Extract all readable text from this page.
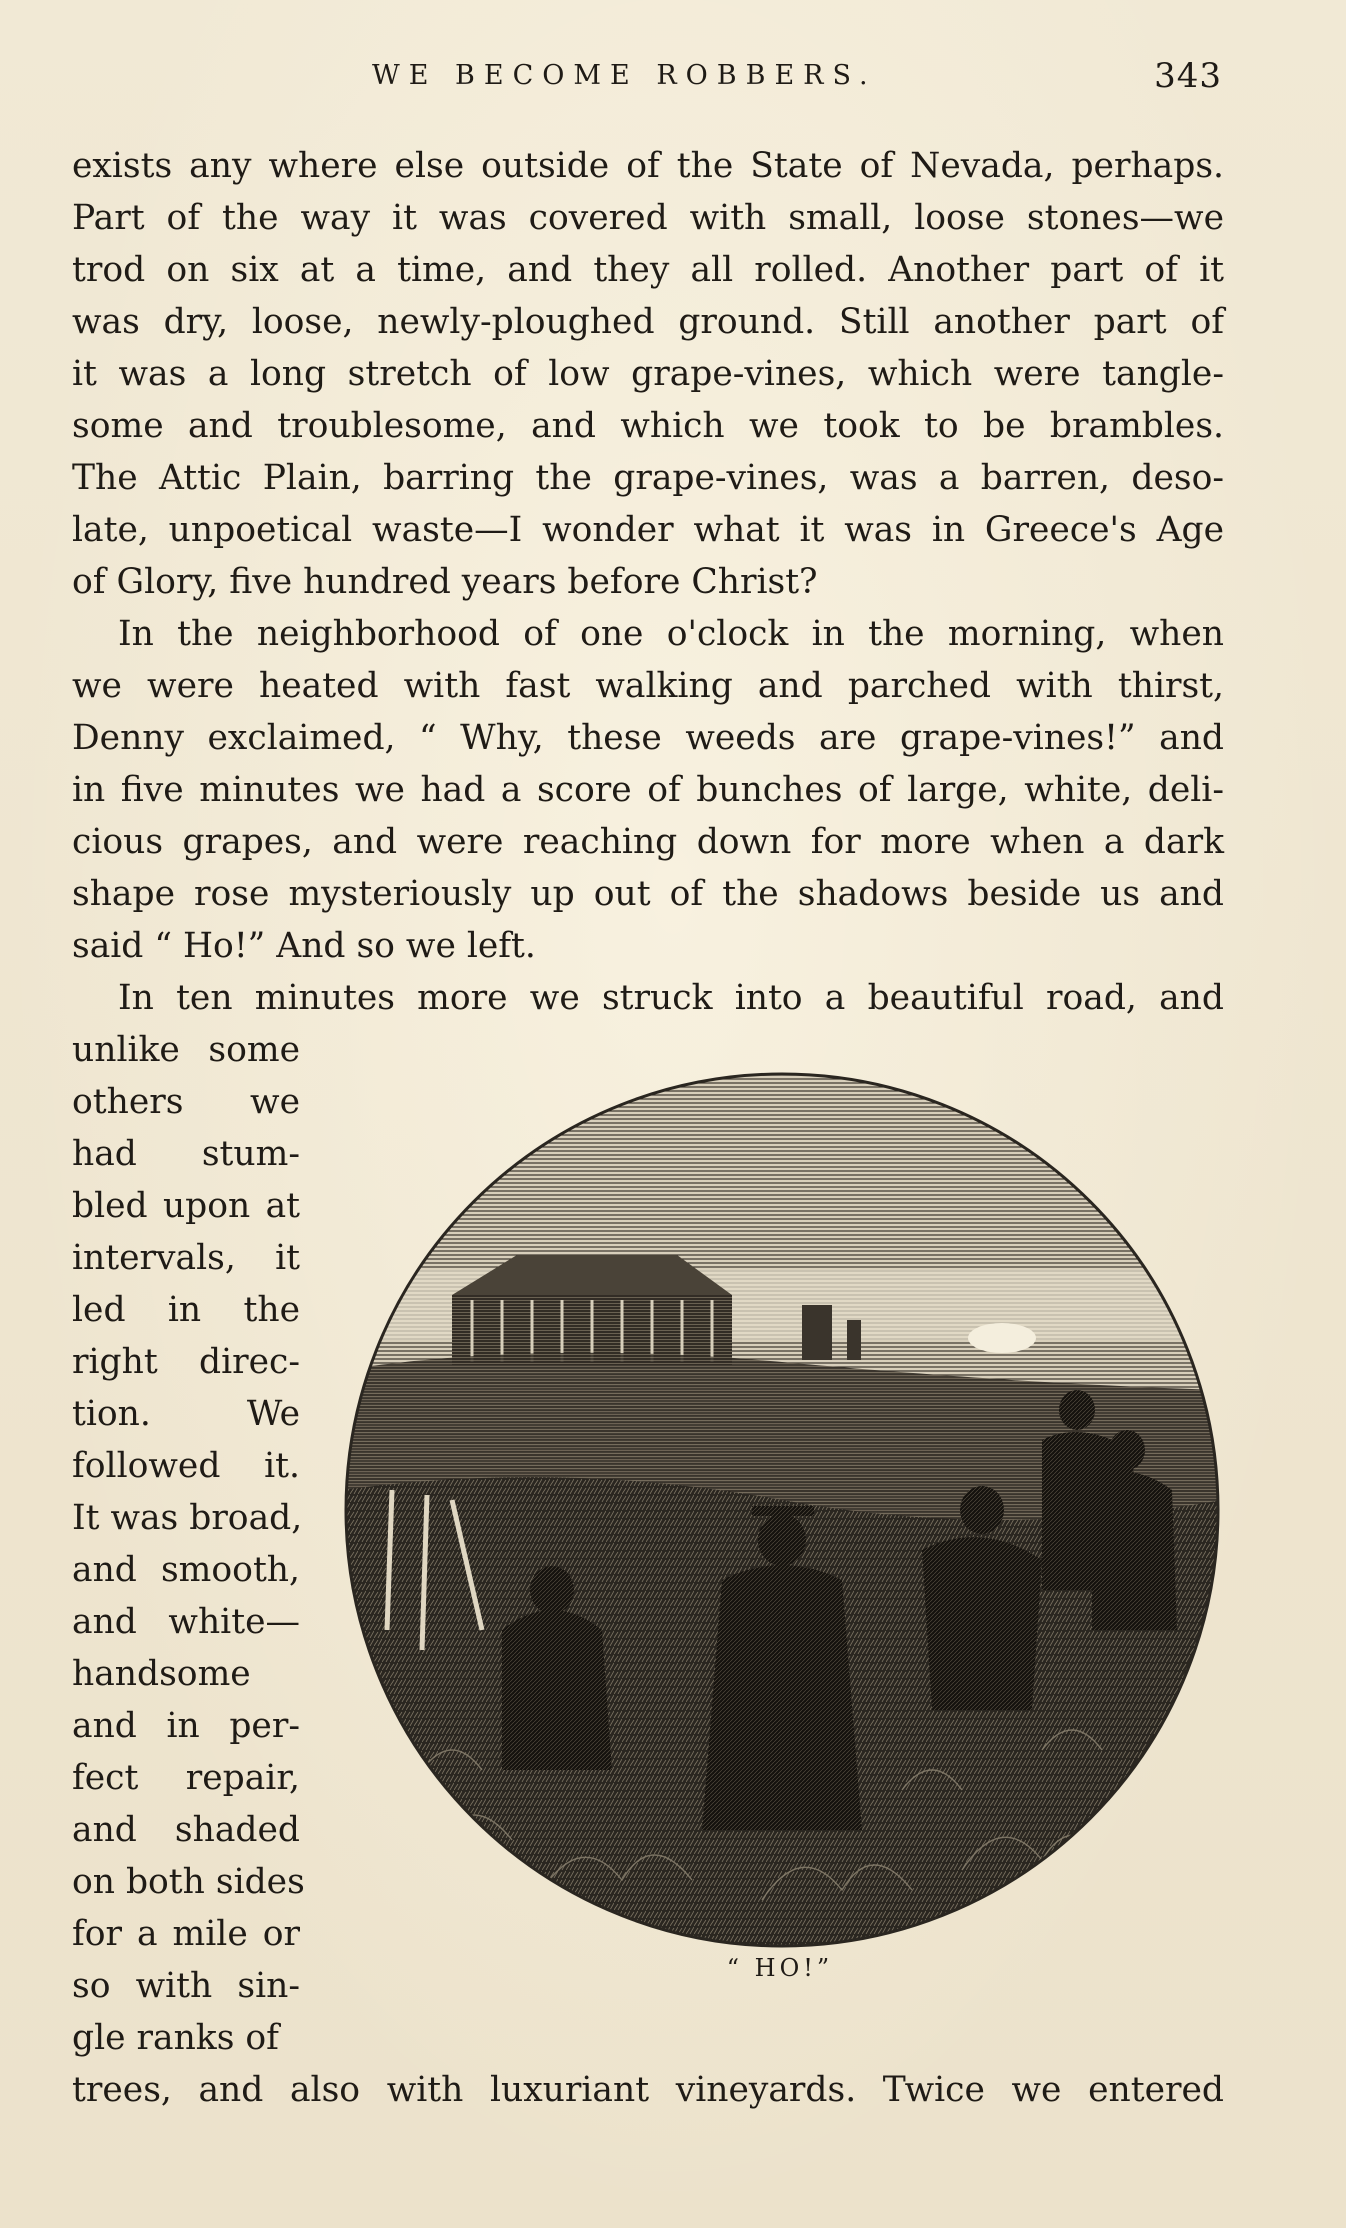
WE BECOME ROBBERS.	343
exists any where else outside of the State of Nevada, perhaps.
Part of the way it was covered with small, loose stones—we
trod on six at a time, and they all rolled. Another part of it
was dry, loose, newly-ploughed ground. Still another part of
it was a long stretch of low grape-vines, which were tangle-
some and troublesome, and which we took to be brambles.
The Attic Plain, barring the grape-vines, was a barren, deso-
late, unpoetical waste—I wonder what it was in Greece's Age
of Glory, five hundred years before Christ?
In the neighborhood of one o'clock in the morning, when
we were heated with fast walking and parched with thirst,
Denny exclaimed, “ Why, these weeds are grape-vines!” and
in five minutes we had a score of bunches of large, white, deli-
cious grapes, and were reaching down for more when a dark
shape rose mysteriously up out of the shadows beside us and
said “ Ho!” And so we left.
In ten minutes more we struck into a beautiful road, and
unlike some
others we
had stum-
bled upon at
intervals, it
led in the
right direc-
tion. We
followed it.
It was broad,
and smooth,
and white—
handsome
and in per-
fect repair,
and shaded
on both sides
for a mile or
so with sin-
gle ranks of
trees, and also with luxuriant vineyards. Twice we entered
“ HO!”
